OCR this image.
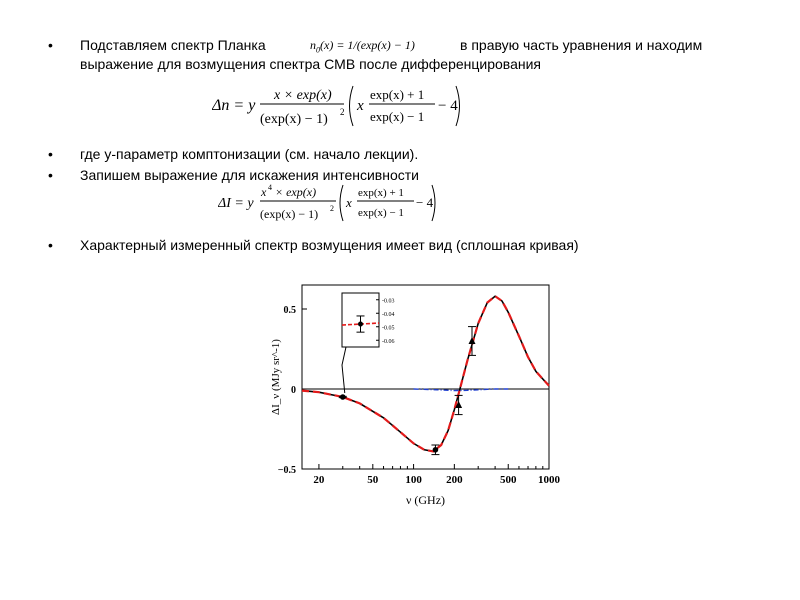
• Подставляем спектр Планка	в правую часть уравнения и находим
выражение для возмущения спектра CMB после дифференцирования
$n_0(x) = 1/(\exp(x) - 1)$
Δn = y
x × exp(x)
(exp(x) − 1) 2 x
exp(x) + 1
exp(x) − 1
− 4
• где y-параметр комптонизации (см. начало лекции).
• Запишем выражение для искажения интенсивности
ΔI = y
x 4 × exp(x)
(exp(x) − 1) 2 x
exp(x) + 1
exp(x) − 1
− 4
• Характерный измеренный спектр возмущения имеет вид (сплошная кривая)
20	50 100 200	500 1000
0.5
0
−0.5
ν (GHz)
ΔI_ν (MJy sr^-1)
-0.03
-0.04
-0.05
-0.06
